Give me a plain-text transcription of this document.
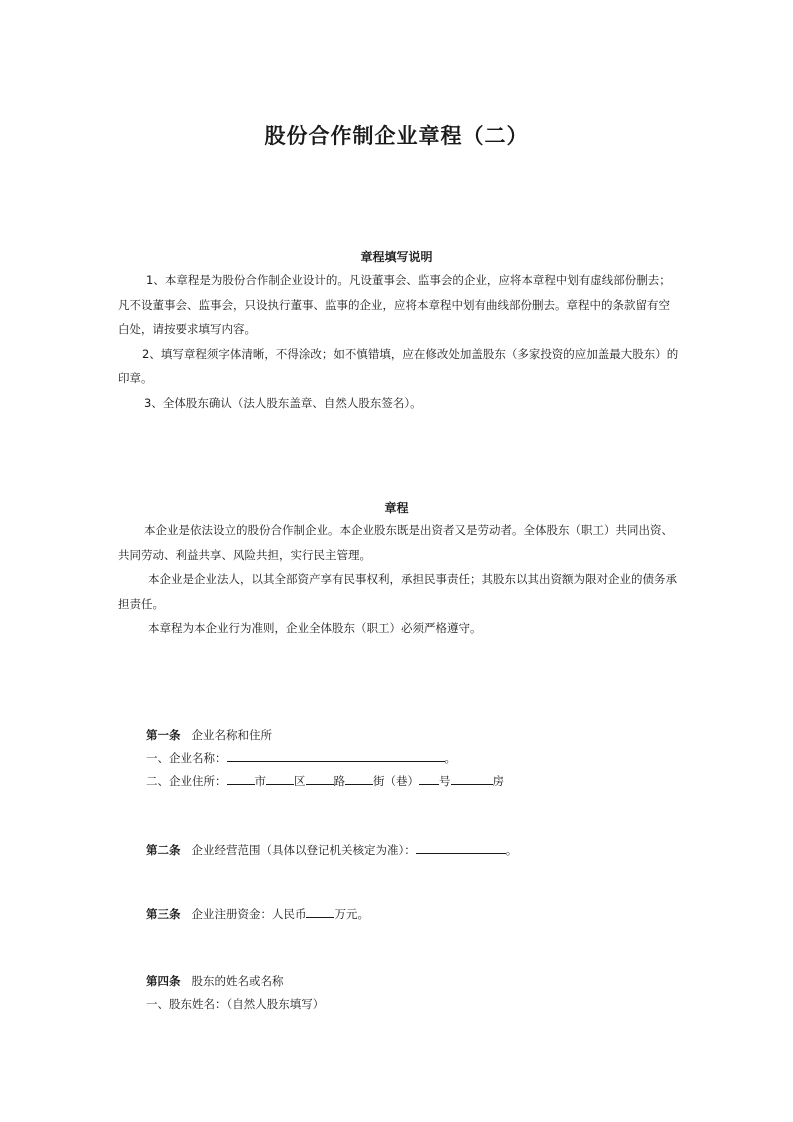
股份合作制企业章程（二）
章程填写说明

1、本章程是为股份合作制企业设计的。凡设董事会、监事会的企业，应将本章程中划有虚线部份删去；凡不设董事会、监事会，只设执行董事、监事的企业，应将本章程中划有曲线部份删去。章程中的条款留有空白处，请按要求填写内容。

2、填写章程须字体清晰，不得涂改；如不慎错填，应在修改处加盖股东（多家投资的应加盖最大股东）的印章。

3、全体股东确认（法人股东盖章、自然人股东签名）。

章程

本企业是依法设立的股份合作制企业。本企业股东既是出资者又是劳动者。全体股东（职工）共同出资、共同劳动、利益共享、风险共担，实行民主管理。

本企业是企业法人，以其全部资产享有民事权利，承担民事责任；其股东以其出资额为限对企业的债务承担责任。

本章程为本企业行为准则，企业全体股东（职工）必须严格遵守。

第一条 企业名称和住所
一、企业名称：	。
二、企业住所： 市 区 路 街（巷） 号	房
第二条 企业经营范围（具体以登记机关核定为准）：	。
第三条 企业注册资金：人民币 万元。
第四条 股东的姓名或名称
一、股东姓名：（自然人股东填写）
